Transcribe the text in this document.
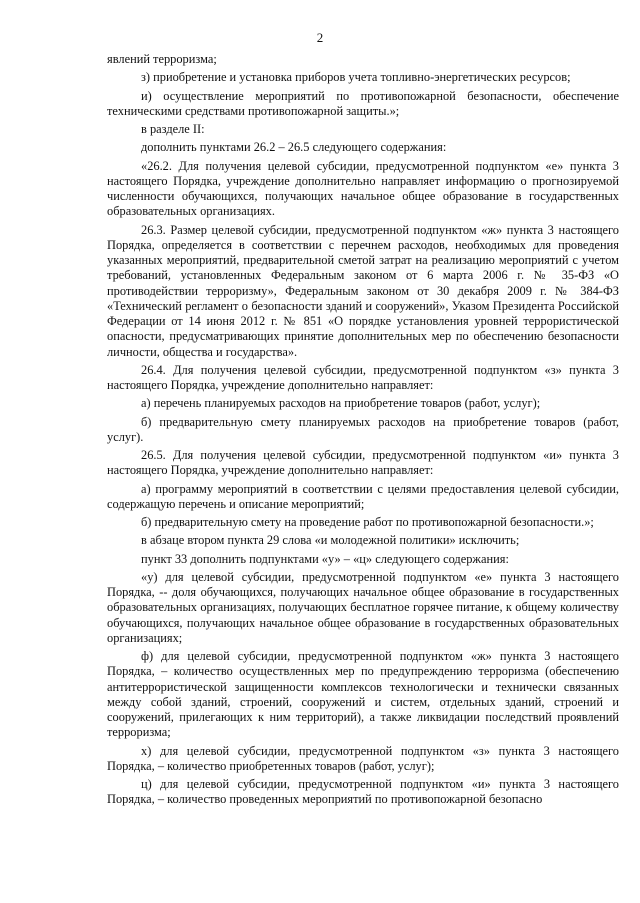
2

явлений терроризма;

з) приобретение и установка приборов учета топливно-энергетических ресурсов;

и) осуществление мероприятий по противопожарной безопасности, обеспечение техническими средствами противопожарной защиты.»;

в разделе II:

дополнить пунктами 26.2 – 26.5 следующего содержания:

«26.2. Для получения целевой субсидии, предусмотренной подпунктом «е» пункта 3 настоящего Порядка, учреждение дополнительно направляет информацию о прогнозируемой численности обучающихся, получающих начальное общее образование в государственных образовательных организациях.

26.3. Размер целевой субсидии, предусмотренной подпунктом «ж» пункта 3 настоящего Порядка, определяется в соответствии с перечнем расходов, необходимых для проведения указанных мероприятий, предварительной сметой затрат на реализацию мероприятий с учетом требований, установленных Федеральным законом от 6 марта 2006 г. № 35-ФЗ «О противодействии терроризму», Федеральным законом от 30 декабря 2009 г. № 384-ФЗ «Технический регламент о безопасности зданий и сооружений», Указом Президента Российской Федерации от 14 июня 2012 г. № 851 «О порядке установления уровней террористической опасности, предусматривающих принятие дополнительных мер по обеспечению безопасности личности, общества и государства».

26.4. Для получения целевой субсидии, предусмотренной подпунктом «з» пункта 3 настоящего Порядка, учреждение дополнительно направляет:

а) перечень планируемых расходов на приобретение товаров (работ, услуг);

б) предварительную смету планируемых расходов на приобретение товаров (работ, услуг).

26.5. Для получения целевой субсидии, предусмотренной подпунктом «и» пункта 3 настоящего Порядка, учреждение дополнительно направляет:

а) программу мероприятий в соответствии с целями предоставления целевой субсидии, содержащую перечень и описание мероприятий;

б) предварительную смету на проведение работ по противопожарной безопасности.»;

в абзаце втором пункта 29 слова «и молодежной политики» исключить;

пункт 33 дополнить подпунктами «у» – «ц» следующего содержания:

«у) для целевой субсидии, предусмотренной подпунктом «е» пункта 3 настоящего Порядка, -- доля обучающихся, получающих начальное общее образование в государственных образовательных организациях, получающих бесплатное горячее питание, к общему количеству обучающихся, получающих начальное общее образование в государственных образовательных организациях;

ф) для целевой субсидии, предусмотренной подпунктом «ж» пункта 3 настоящего Порядка, – количество осуществленных мер по предупреждению терроризма (обеспечению антитеррористической защищенности комплексов технологически и технически связанных между собой зданий, строений, сооружений и систем, отдельных зданий, строений и сооружений, прилегающих к ним территорий), а также ликвидации последствий проявлений терроризма;

х) для целевой субсидии, предусмотренной подпунктом «з» пункта 3 настоящего Порядка, – количество приобретенных товаров (работ, услуг);

ц) для целевой субсидии, предусмотренной подпунктом «и» пункта 3 настоящего Порядка, – количество проведенных мероприятий по противопожарной безопасно
